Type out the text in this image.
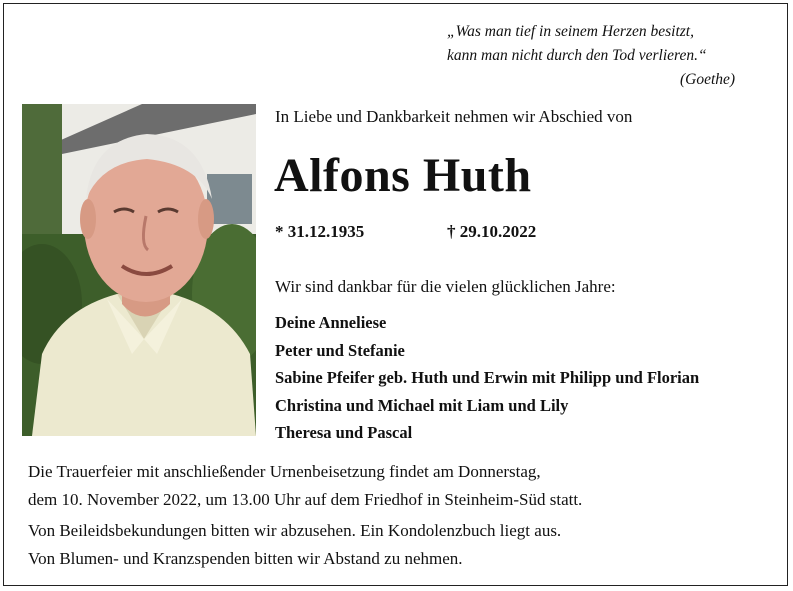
„Was man tief in seinem Herzen besitzt,

kann man nicht durch den Tod verlieren.“

(Goethe)
In Liebe und Dankbarkeit nehmen wir Abschied von
Alfons Huth
* 31.12.1935	† 29.10.2022
Wir sind dankbar für die vielen glücklichen Jahre:
Deine Anneliese
Peter und Stefanie
Sabine Pfeifer geb. Huth und Erwin mit Philipp und Florian
Christina und Michael mit Liam und Lily
Theresa und Pascal

Die Trauerfeier mit anschließender Urnenbeisetzung findet am Donnerstag,

dem 10. November 2022, um 13.00 Uhr auf dem Friedhof in Steinheim-Süd statt.

Von Beileidsbekundungen bitten wir abzusehen. Ein Kondolenzbuch liegt aus.

Von Blumen- und Kranzspenden bitten wir Abstand zu nehmen.
